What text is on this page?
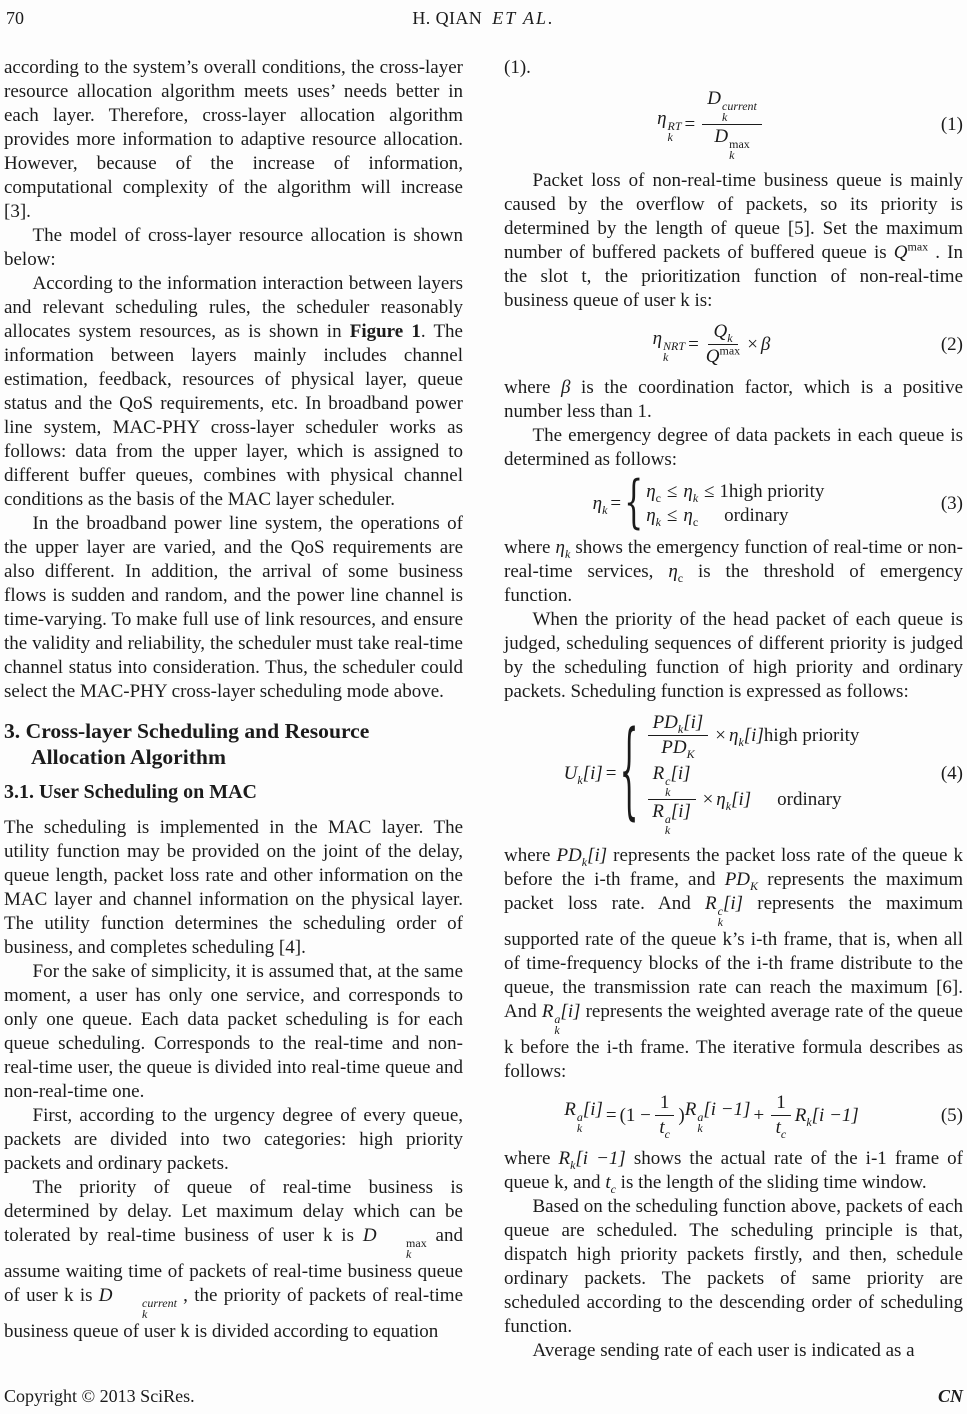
70	H. QIAN ET AL.

according to the system’s overall conditions, the cross-layer resource allocation algorithm meets uses’ needs better in each layer. Therefore, cross-layer allocation algorithm provides more information to adaptive resource allocation. However, because of the increase of information, computational complexity of the algorithm will increase [3].

The model of cross-layer resource allocation is shown below:

According to the information interaction between layers and relevant scheduling rules, the scheduler reasonably allocates system resources, as is shown in Figure 1. The information between layers mainly includes channel estimation, feedback, resources of physical layer, queue status and the QoS requirements, etc. In broadband power line system, MAC-PHY cross-layer scheduler works as follows: data from the upper layer, which is assigned to different buffer queues, combines with physical channel conditions as the basis of the MAC layer scheduler.

In the broadband power line system, the operations of the upper layer are varied, and the QoS requirements are also different. In addition, the arrival of some business flows is sudden and random, and the power line channel is time-varying. To make full use of link resources, and ensure the validity and reliability, the scheduler must take real-time channel status into consideration. Thus, the scheduler could select the MAC-PHY cross-layer scheduling mode above.

3. Cross-layer Scheduling and Resource
Allocation Algorithm
3.1. User Scheduling on MAC

The scheduling is implemented in the MAC layer. The utility function may be provided on the joint of the delay, queue length, packet loss rate and other information on the MAC layer and channel information on the physical layer. The utility function determines the scheduling order of business, and completes scheduling [4].

For the sake of simplicity, it is assumed that, at the same moment, a user has only one service, and corresponds to only one queue. Each data packet scheduling is for each queue scheduling. Corresponds to the real-time and non-real-time user, the queue is divided into real-time queue and non-real-time one.

First, according to the urgency degree of every queue, packets are divided into two categories: high priority packets and ordinary packets.

The priority of queue of real-time business is determined by delay. Let maximum delay which can be tolerated by real-time business of user k is D	max
k
and assume waiting time of packets of real-time business queue of user k is D	current
k
, the priority of packets of real-time business queue of user k is divided according to equation

(1).

η RT
k
= D current
k
D max
k	(1)

Packet loss of non-real-time business queue is mainly caused by the overflow of packets, so its priority is determined by the length of queue [5]. Set the maximum number of buffered packets of buffered queue is $Q^{max}$ . In the slot t, the prioritization function of non-real-time business queue of user k is:

η NRT
k
= $\frac{Q_k}{Q^{max}} \times \beta$	(2)

where β is the coordination factor, which is a positive number less than 1.

The emergency degree of data packets in each queue is determined as follows:

$\eta_k$ = { $\eta_c \le \eta_k$ ≤ 1high priority
$\eta_k \le \eta_c$ ordinary
(3)

where $\eta_k$ shows the emergency function of real-time or non-real-time services, $\eta_c$ is the threshold of emergency function.

When the priority of the head packet of each queue is judged, scheduling sequences of different priority is judged by the scheduling function of high priority and ordinary packets. Scheduling function is expressed as follows:

$U_k[i]$ = { $\frac{PD_k[i]}{PD_K} \times \eta_k[i]$ high priority
R c
k
[i]
R a
k
$[i] \times \eta_k[i]$ ordinary
(4)

where $PD_k[i]$ represents the packet loss rate of the queue k before the i-th frame, and $PD_K$ represents the maximum packet loss rate. And R c
k
[i] represents the maximum supported rate of the queue k’s i-th frame, that is, when all of time-frequency blocks of the i-th frame distribute to the queue, the transmission rate can reach the maximum [6]. And R a
k
[i] represents the weighted average rate of the queue k before the i-th frame. The iterative formula describes as follows:

R a
k
$[i] = (1 - \frac{1}{t_c}$ ) R a
k
$[i -1] + \frac{1}{t_c} R_k[i -1]$	(5)

where $R_k[i -1]$ shows the actual rate of the i-1 frame of queue k, and $t_c$ is the length of the sliding time window.

Based on the scheduling function above, packets of each queue are scheduled. The scheduling principle is that, dispatch high priority packets firstly, and then, schedule ordinary packets. The packets of same priority are scheduled according to the descending order of scheduling function.

Average sending rate of each user is indicated as a

Copyright © 2013 SciRes.	CN
